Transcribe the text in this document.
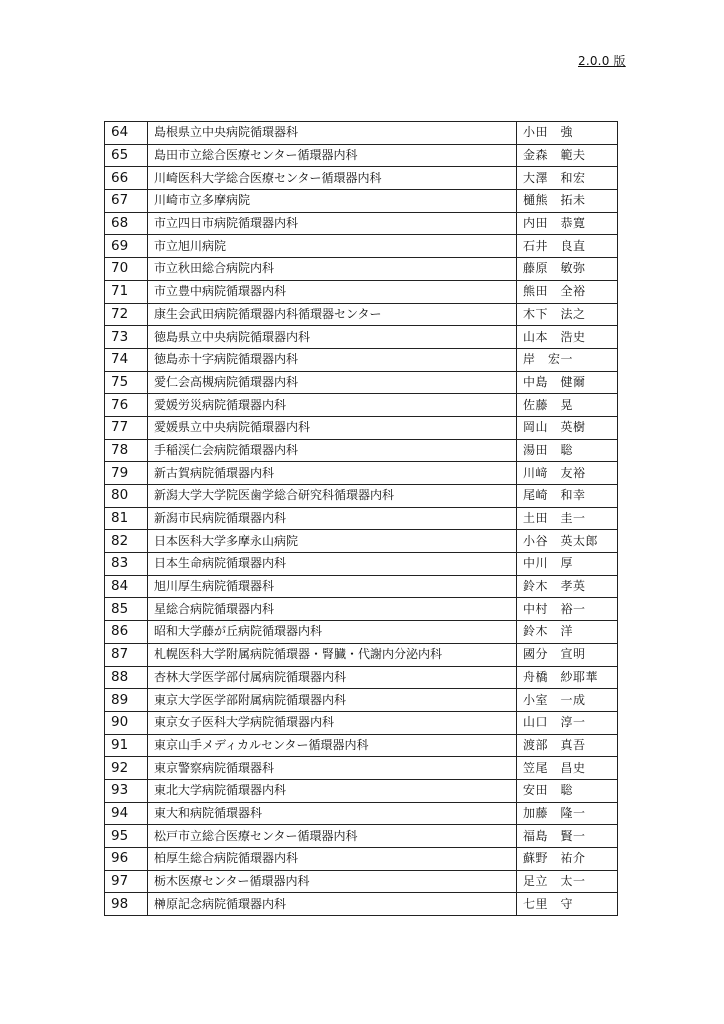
2.0.0 版
64	島根県立中央病院循環器科	小田　強
65	島田市立総合医療センター循環器内科	金森　範夫
66	川崎医科大学総合医療センター循環器内科	大澤　和宏
67	川崎市立多摩病院	樋熊　拓未
68	市立四日市病院循環器内科	内田　恭寛
69	市立旭川病院	石井　良直
70	市立秋田総合病院内科	藤原　敏弥
71	市立豊中病院循環器内科	熊田　全裕
72	康生会武田病院循環器内科循環器センター	木下　法之
73	徳島県立中央病院循環器内科	山本　浩史
74	徳島赤十字病院循環器内科	岸　宏一
75	愛仁会高槻病院循環器内科	中島　健爾
76	愛媛労災病院循環器内科	佐藤　晃
77	愛媛県立中央病院循環器内科	岡山　英樹
78	手稲渓仁会病院循環器内科	湯田　聡
79	新古賀病院循環器内科	川﨑　友裕
80	新潟大学大学院医歯学総合研究科循環器内科	尾崎　和幸
81	新潟市民病院循環器内科	土田　圭一
82	日本医科大学多摩永山病院	小谷　英太郎
83	日本生命病院循環器内科	中川　厚
84	旭川厚生病院循環器科	鈴木　孝英
85	星総合病院循環器内科	中村　裕一
86	昭和大学藤が丘病院循環器内科	鈴木　洋
87	札幌医科大学附属病院循環器・腎臓・代謝内分泌内科	國分　宣明
88	杏林大学医学部付属病院循環器内科	舟橋　紗耶華
89	東京大学医学部附属病院循環器内科	小室　一成
90	東京女子医科大学病院循環器内科	山口　淳一
91	東京山手メディカルセンター循環器内科	渡部　真吾
92	東京警察病院循環器科	笠尾　昌史
93	東北大学病院循環器内科	安田　聡
94	東大和病院循環器科	加藤　隆一
95	松戸市立総合医療センター循環器内科	福島　賢一
96	柏厚生総合病院循環器内科	蘇野　祐介
97	栃木医療センター循環器内科	足立　太一
98	榊原記念病院循環器内科	七里　守
